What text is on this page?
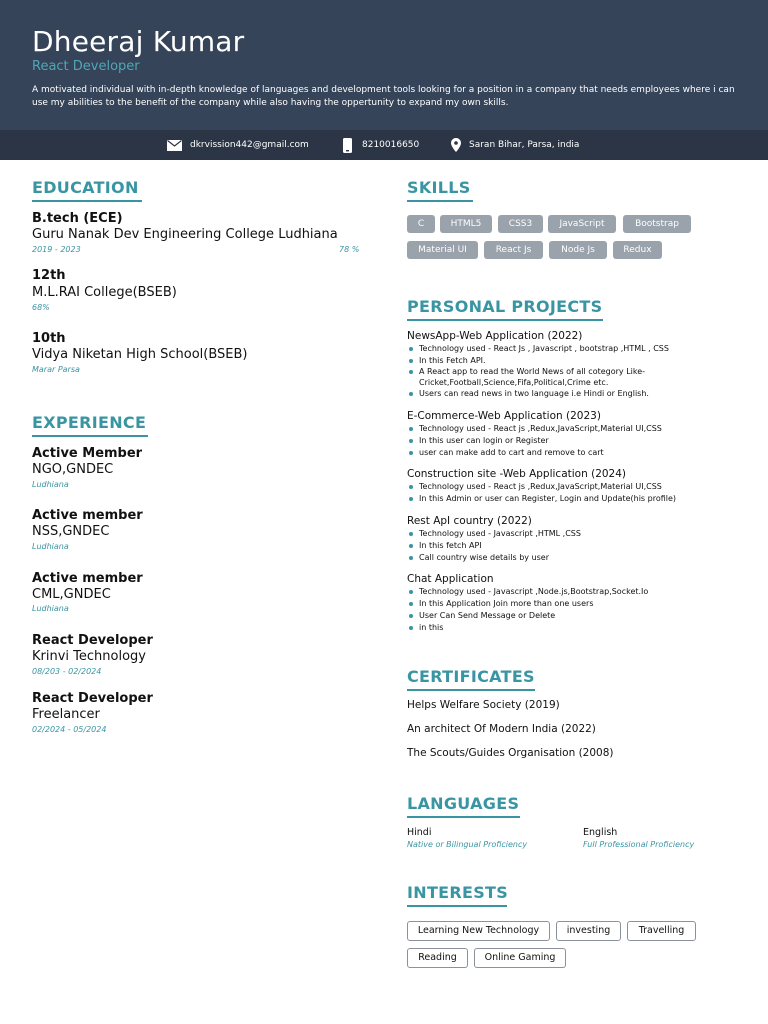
Dheeraj Kumar
React Developer
A motivated individual with in-depth knowledge of languages and development tools looking for a position in a company that needs employees where i can use my abilities to the benefit of the company while also having the oppertunity to expand my own skills.
dkrvission442@gmail.com	8210016650	Saran Bihar, Parsa, india
EDUCATION
B.tech (ECE)
Guru Nanak Dev Engineering College Ludhiana
2019 - 2023	78 %
12th
M.L.RAI College(BSEB)
68%
10th
Vidya Niketan High School(BSEB)
Marar Parsa
EXPERIENCE
Active Member
NGO,GNDEC
Ludhiana
Active member
NSS,GNDEC
Ludhiana
Active member
CML,GNDEC
Ludhiana
React Developer
Krinvi Technology
08/203 - 02/2024
React Developer
Freelancer
02/2024 - 05/2024
SKILLS
C	HTML5	CSS3	JavaScript	Bootstrap
Material UI	React Js	Node Js	Redux
PERSONAL PROJECTS
NewsApp-Web Application (2022)
Technology used - React Js , Javascript , bootstrap ,HTML , CSS
In this Fetch API.
A React app to read the World News of all cotegory Like-Cricket,Football,Science,Fifa,Political,Crime etc.
Users can read news in two language i.e Hindi or English.
E-Commerce-Web Application (2023)
Technology used - React js ,Redux,JavaScript,Material UI,CSS
In this user can login or Register
user can make add to cart and remove to cart
Construction site -Web Application (2024)
Technology used - React js ,Redux,JavaScript,Material UI,CSS
In this Admin or user can Register, Login and Update(his profile)
Rest ApI country (2022)
Technology used - Javascript ,HTML ,CSS
In this fetch API
Call country wise details by user
Chat Application
Technology used - Javascript ,Node.js,Bootstrap,Socket.Io
In this Application Join more than one users
User Can Send Message or Delete
in this
CERTIFICATES
Helps Welfare Society (2019)
An architect Of Modern India (2022)
The Scouts/Guides Organisation (2008)
LANGUAGES
Hindi
Native or Bilingual Proficiency
English
Full Professional Proficiency
INTERESTS
Learning New Technology	investing	Travelling
Reading	Online Gaming
